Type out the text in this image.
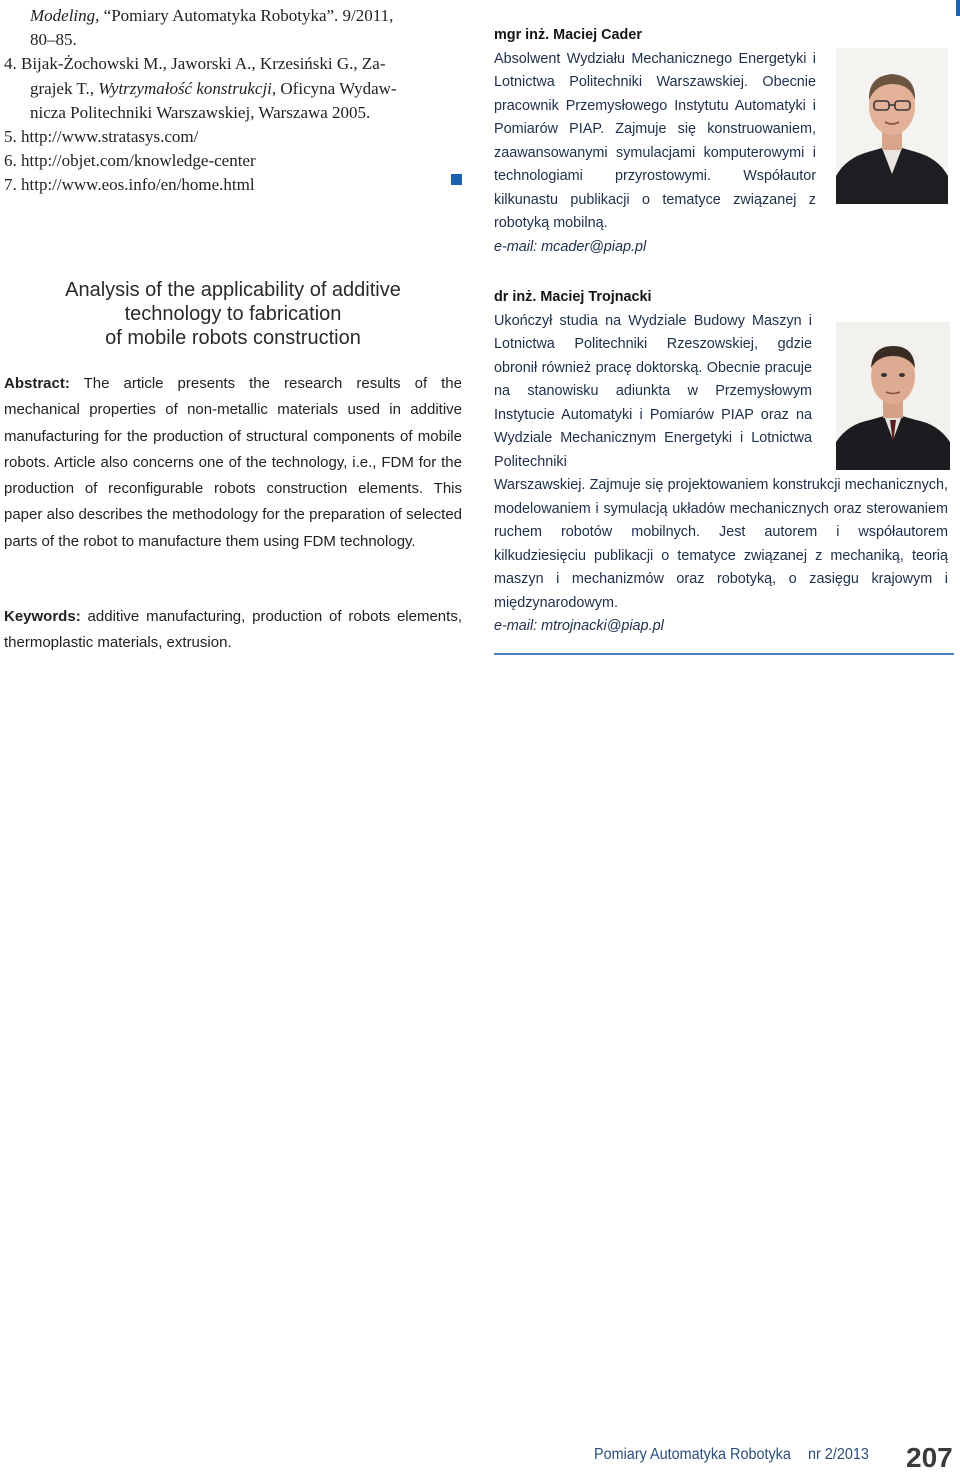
Modeling, “Pomiary Automatyka Robotyka”. 9/2011,

80–85.

4. Bijak-Żochowski M., Jaworski A., Krzesiński G., Za-

grajek T., Wytrzymałość konstrukcji, Oficyna Wydaw-

nicza Politechniki Warszawskiej, Warszawa 2005.

5. http://www.stratasys.com/

6. http://objet.com/knowledge-center

7. http://www.eos.info/en/home.html

Analysis of the applicability of additive
technology to fabrication
of mobile robots construction

Abstract: The article presents the research results of the mechanical properties of non-metallic materials used in additive manufacturing for the production of structural components of mobile robots. Article also concerns one of the technology, i.e., FDM for the production of reconfigurable robots construction elements. This paper also describes the methodology for the preparation of selected parts of the robot to manufacture them using FDM technology.

Keywords: additive manufacturing, production of robots elements, thermoplastic materials, extrusion.

mgr inż. Maciej Cader
Absolwent Wydziału Mechanicznego Energetyki i Lotnictwa Politechniki Warszawskiej. Obecnie pracownik Przemysłowego Instytutu Automatyki i Pomiarów PIAP. Zajmuje się konstruowaniem, zaawansowanymi symulacjami komputerowymi i technologiami przyrostowymi. Współautor kilkunastu publikacji o tematyce związanej z robotyką mobilną.
e-mail: mcader@piap.pl
dr inż. Maciej Trojnacki
Ukończył studia na Wydziale Budowy Maszyn i Lotnictwa Politechniki Rzeszowskiej, gdzie obronił również pracę doktorską. Obecnie pracuje na stanowisku adiunkta w Przemysłowym Instytucie Automatyki i Pomiarów PIAP oraz na Wydziale Mechanicznym Energetyki i Lotnictwa Politechniki
Warszawskiej. Zajmuje się projektowaniem konstrukcji mechanicznych, modelowaniem i symulacją układów mechanicznych oraz sterowaniem ruchem robotów mobilnych. Jest autorem i współautorem kilkudziesięciu publikacji o tematyce związanej z mechaniką, teorią maszyn i mechanizmów oraz robotyką, o zasięgu krajowym i międzynarodowym.
e-mail: mtrojnacki@piap.pl
Pomiary Automatyka Robotyka nr 2/2013 207
